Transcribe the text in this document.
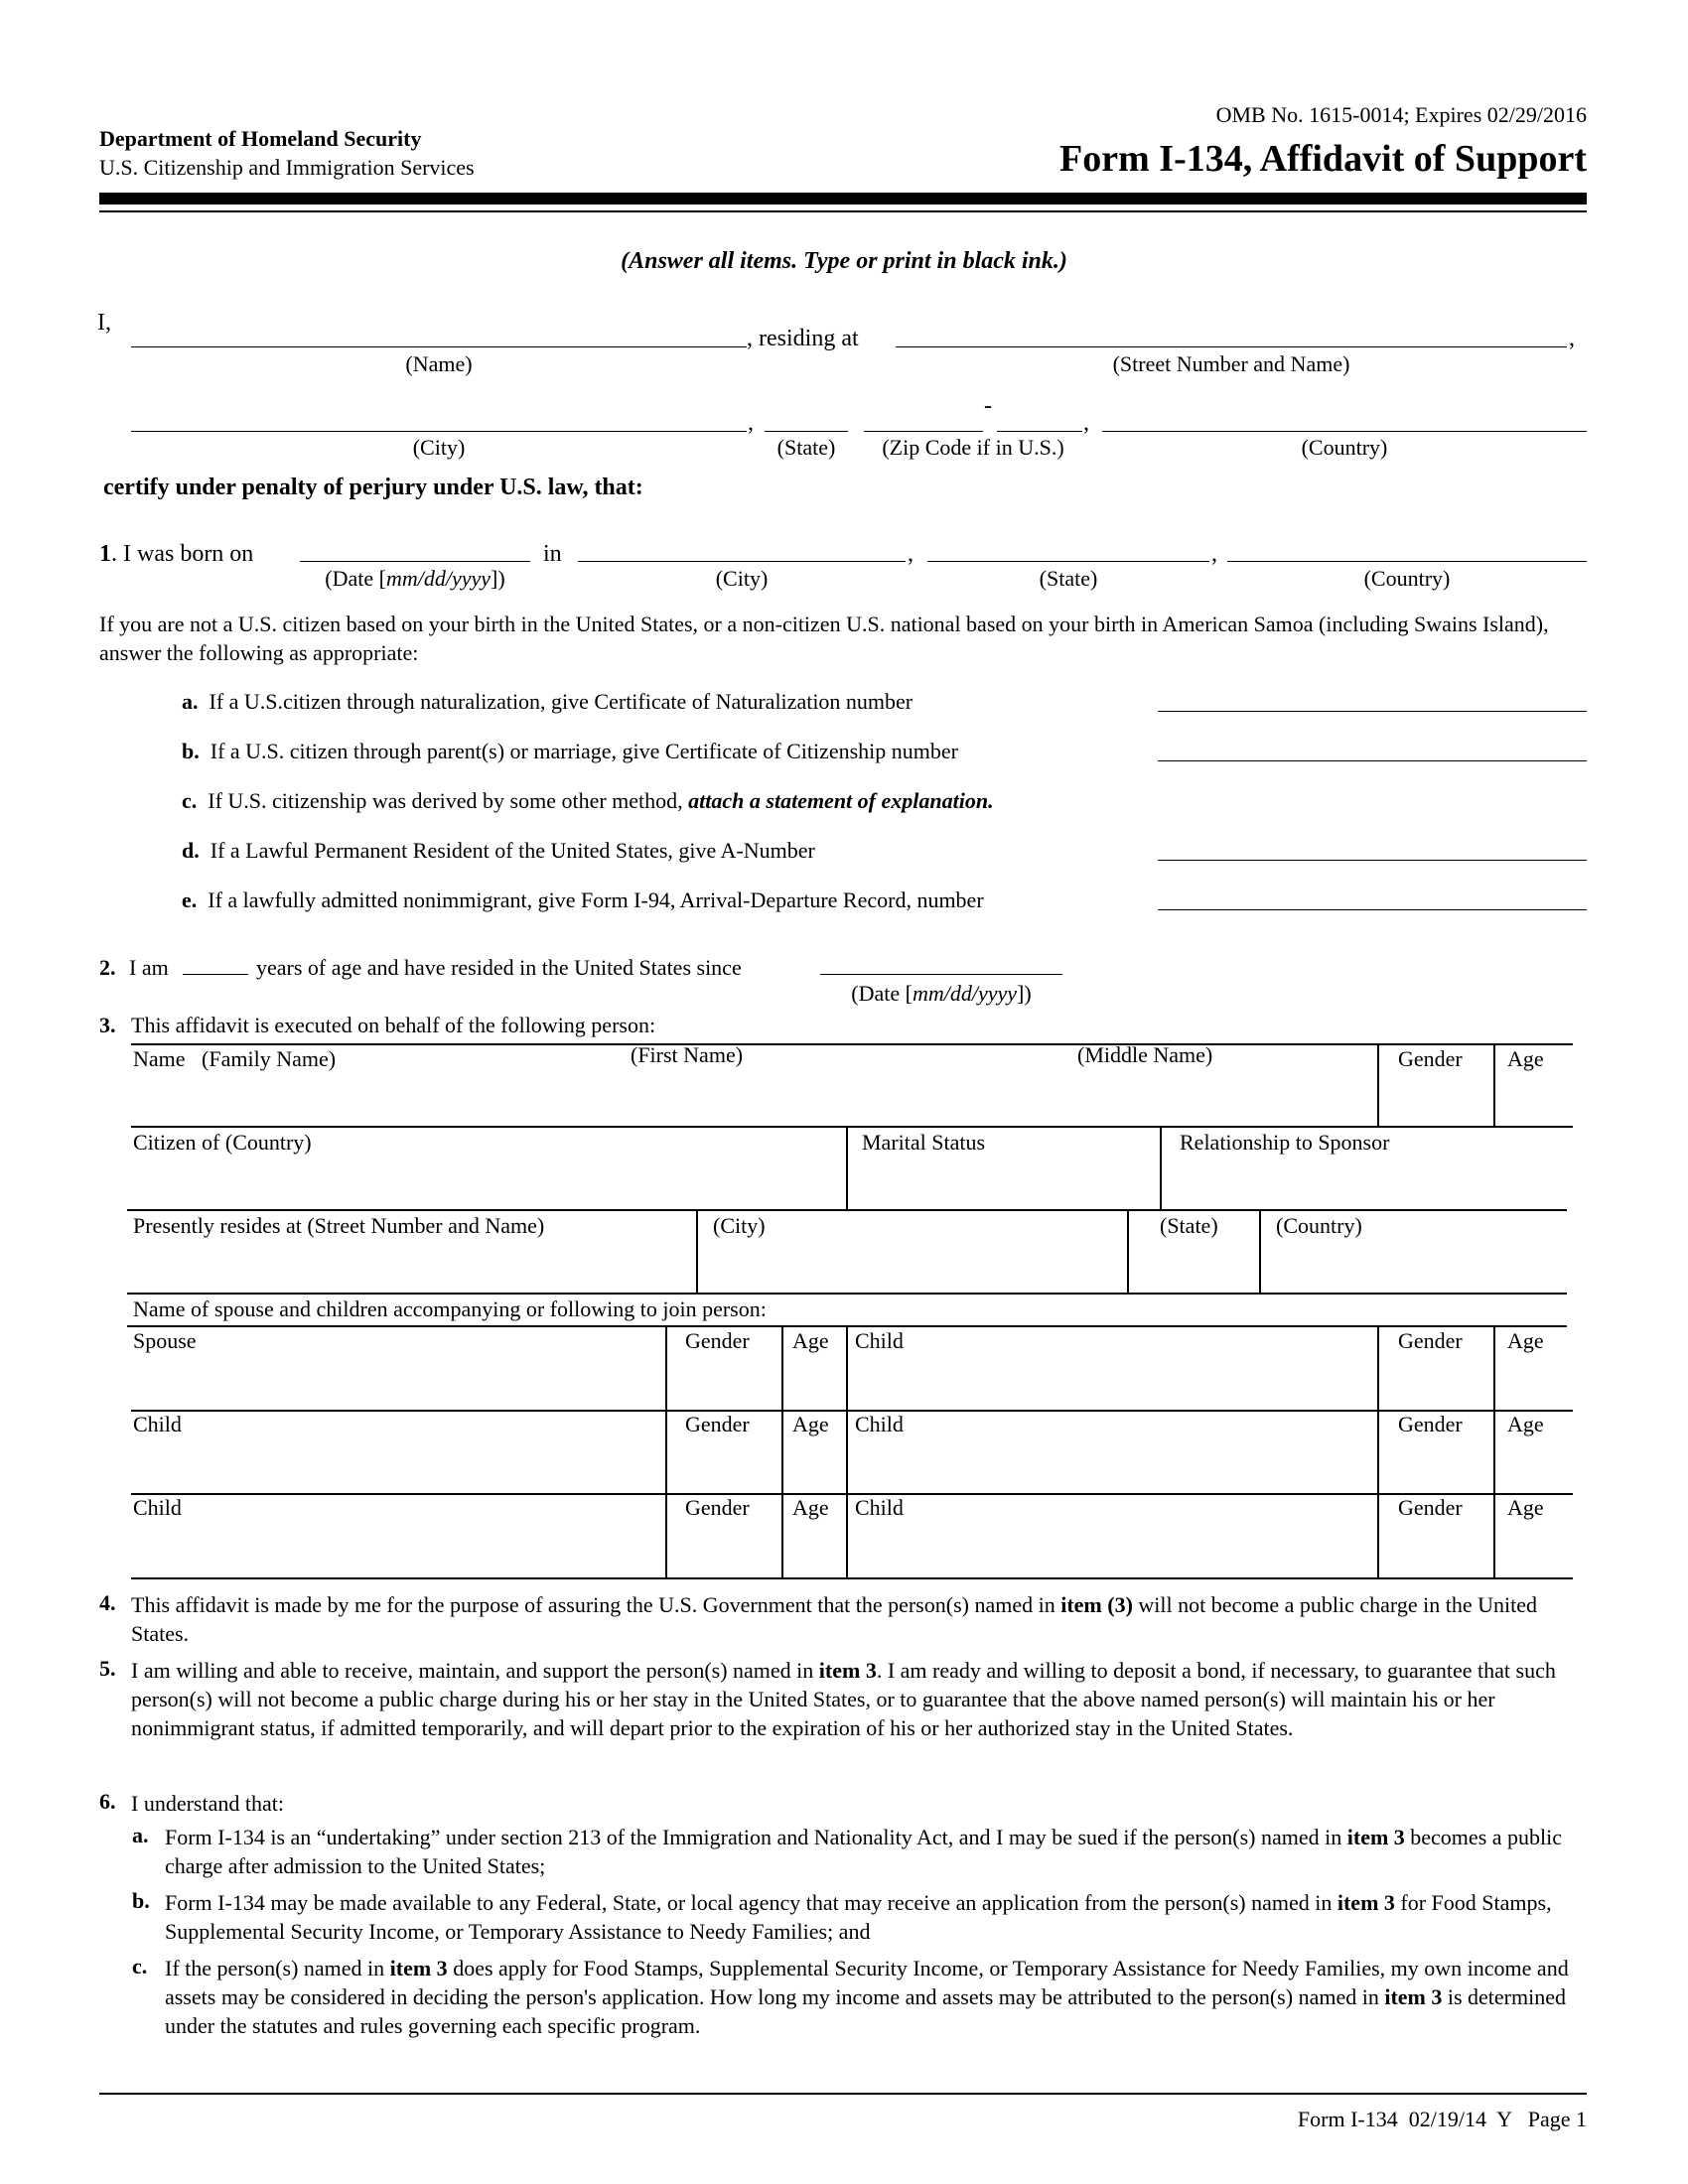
OMB No. 1615-0014; Expires 02/29/2016
Department of Homeland Security
U.S. Citizenship and Immigration Services	Form I-134, Affidavit of Support
(Answer all items. Type or print in black ink.)
I,
, residing at	,
(Name)	(Street Number and Name)
,
-
,
(City)	(State)	(Zip Code if in U.S.)	(Country)
certify under penalty of perjury under U.S. law, that:
1. I was born on	in	,	,
(Date [mm/dd/yyyy])	(City)	(State)	(Country)
If you are not a U.S. citizen based on your birth in the United States, or a non-citizen U.S. national based on your birth in American Samoa (including Swains Island), answer the following as appropriate:
a. If a U.S.citizen through naturalization, give Certificate of Naturalization number
b. If a U.S. citizen through parent(s) or marriage, give Certificate of Citizenship number
c. If U.S. citizenship was derived by some other method, attach a statement of explanation.
d. If a Lawful Permanent Resident of the United States, give A-Number
e. If a lawfully admitted nonimmigrant, give Form I-94, Arrival-Departure Record, number
2. I am	years of age and have resided in the United States since
(Date [mm/dd/yyyy])
3. This affidavit is executed on behalf of the following person:
Name (Family Name)	(First Name)	(Middle Name)	Gender Age
Citizen of (Country)	Marital Status	Relationship to Sponsor
Presently resides at (Street Number and Name)	(City)	(State)	(Country)
Name of spouse and children accompanying or following to join person:
Spouse	Gender Age Child	Gender Age
Child	Gender Age Child	Gender Age
Child	Gender Age Child	Gender Age
4. This affidavit is made by me for the purpose of assuring the U.S. Government that the person(s) named in item (3) will not become a public charge in the United States.
5. I am willing and able to receive, maintain, and support the person(s) named in item 3. I am ready and willing to deposit a bond, if necessary, to guarantee that such person(s) will not become a public charge during his or her stay in the United States, or to guarantee that the above named person(s) will maintain his or her nonimmigrant status, if admitted temporarily, and will depart prior to the expiration of his or her authorized stay in the United States.
6. I understand that:
a. Form I-134 is an “undertaking” under section 213 of the Immigration and Nationality Act, and I may be sued if the person(s) named in item 3 becomes a public charge after admission to the United States;
b. Form I-134 may be made available to any Federal, State, or local agency that may receive an application from the person(s) named in item 3 for Food Stamps, Supplemental Security Income, or Temporary Assistance to Needy Families; and
c. If the person(s) named in item 3 does apply for Food Stamps, Supplemental Security Income, or Temporary Assistance for Needy Families, my own income and assets may be considered in deciding the person's application. How long my income and assets may be attributed to the person(s) named in item 3 is determined under the statutes and rules governing each specific program.
Form I-134  02/19/14  Y   Page 1
